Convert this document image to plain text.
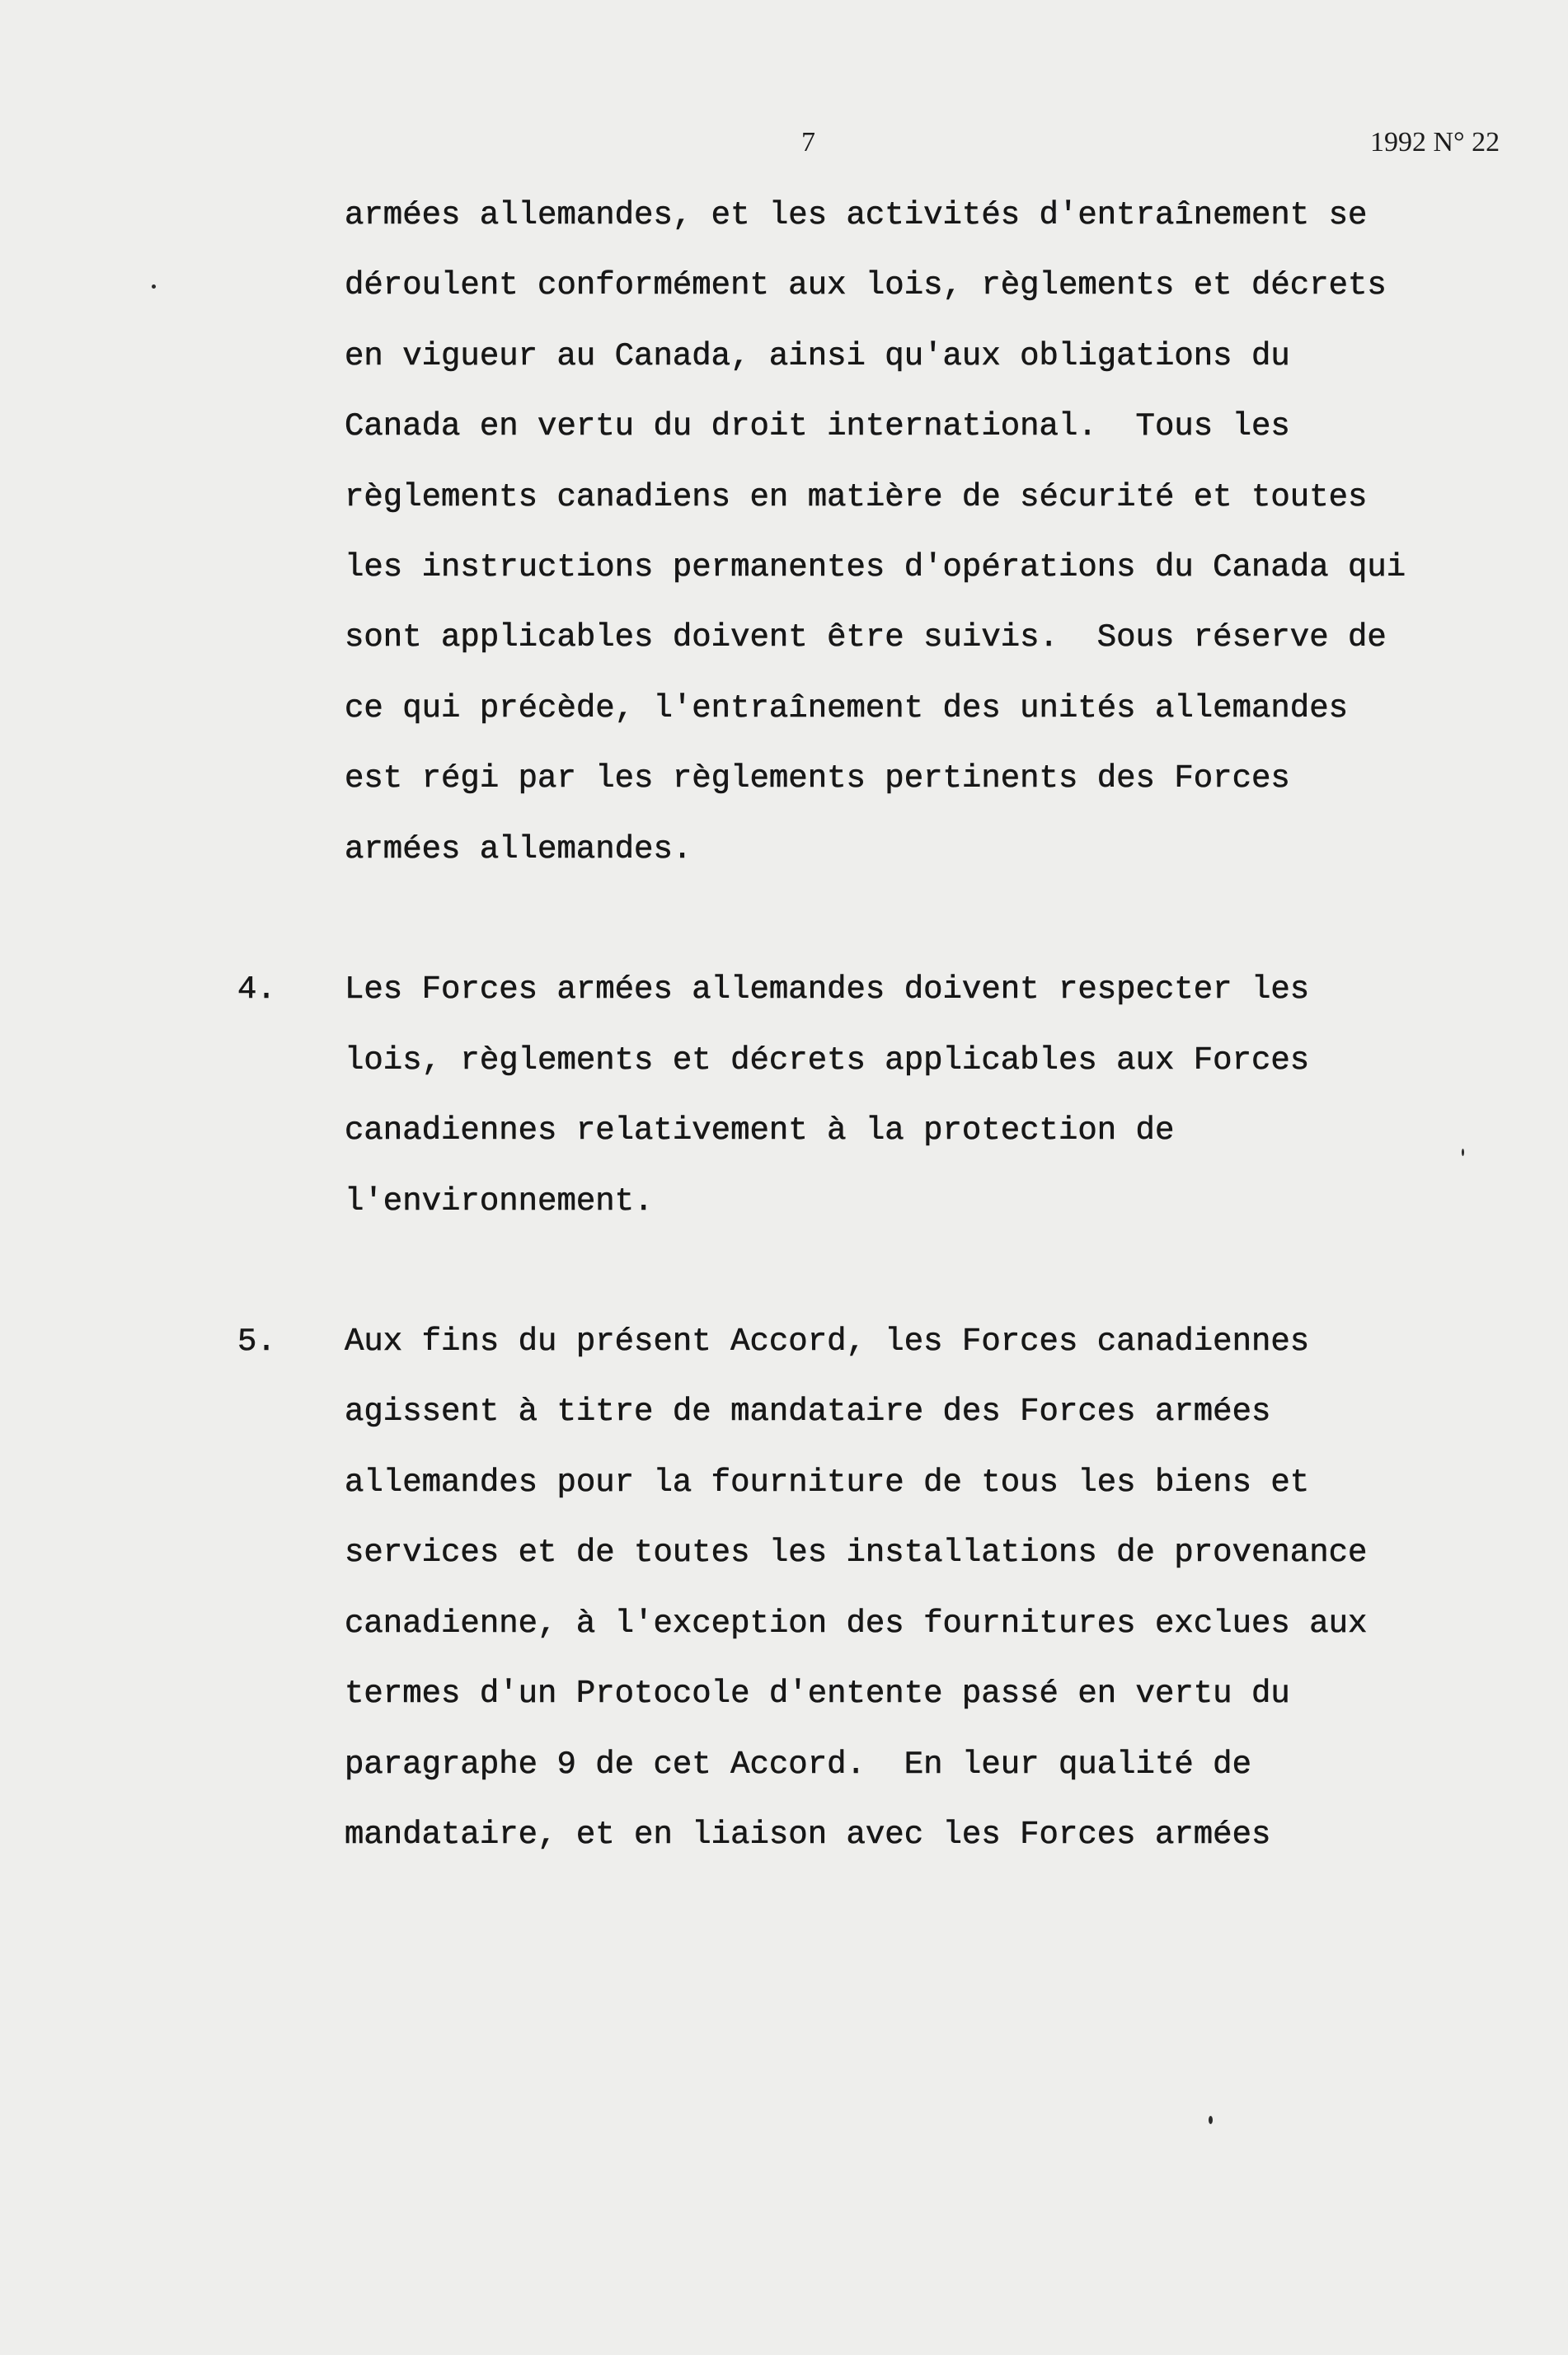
7	1992 N° 22
armées allemandes, et les activités d'entraînement se
déroulent conformément aux lois, règlements et décrets
en vigueur au Canada, ainsi qu'aux obligations du
Canada en vertu du droit international.  Tous les
règlements canadiens en matière de sécurité et toutes
les instructions permanentes d'opérations du Canada qui
sont applicables doivent être suivis.  Sous réserve de
ce qui précède, l'entraînement des unités allemandes
est régi par les règlements pertinents des Forces
armées allemandes.
4. Les Forces armées allemandes doivent respecter les
lois, règlements et décrets applicables aux Forces
canadiennes relativement à la protection de
l'environnement.
5. Aux fins du présent Accord, les Forces canadiennes
agissent à titre de mandataire des Forces armées
allemandes pour la fourniture de tous les biens et
services et de toutes les installations de provenance
canadienne, à l'exception des fournitures exclues aux
termes d'un Protocole d'entente passé en vertu du
paragraphe 9 de cet Accord.  En leur qualité de
mandataire, et en liaison avec les Forces armées
